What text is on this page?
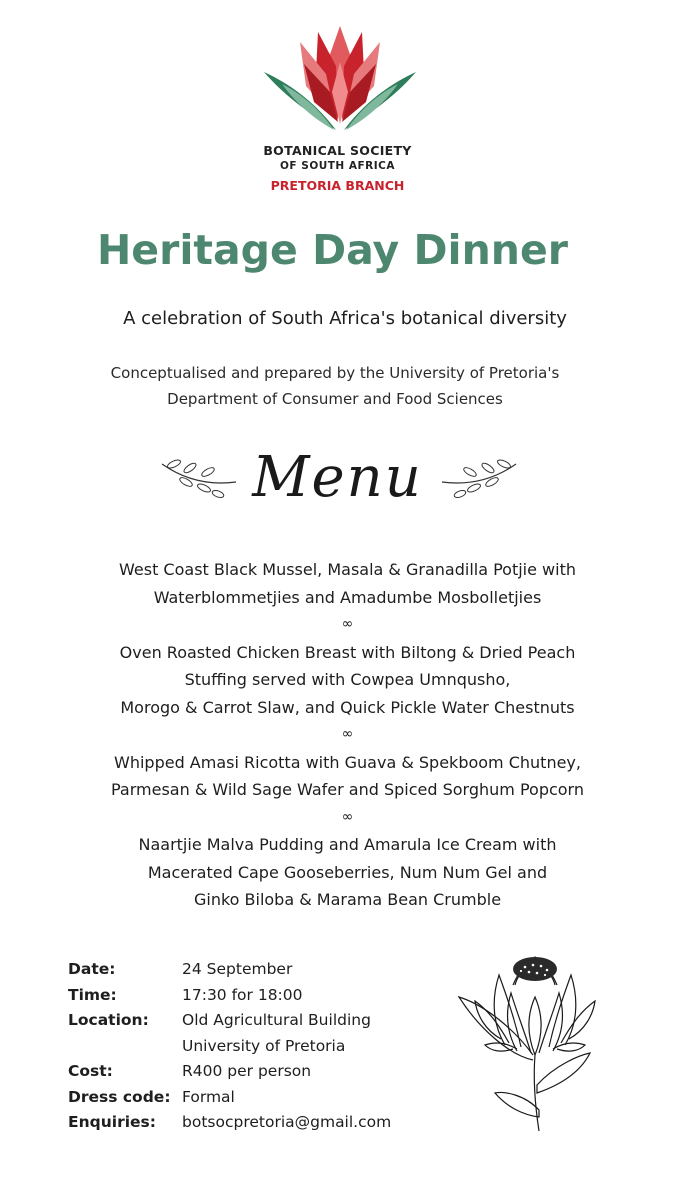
BOTANICAL SOCIETY
OF SOUTH AFRICA
PRETORIA BRANCH
Heritage Day Dinner
A celebration of South Africa's botanical diversity
Conceptualised and prepared by the University of Pretoria's
Department of Consumer and Food Sciences
Menu
West Coast Black Mussel, Masala & Granadilla Potjie with
Waterblommetjies and Amadumbe Mosbolletjies
∞
Oven Roasted Chicken Breast with Biltong & Dried Peach
Stuffing served with Cowpea Umnqusho,
Morogo & Carrot Slaw, and Quick Pickle Water Chestnuts
∞
Whipped Amasi Ricotta with Guava & Spekboom Chutney,
Parmesan & Wild Sage Wafer and Spiced Sorghum Popcorn
∞
Naartjie Malva Pudding and Amarula Ice Cream with
Macerated Cape Gooseberries, Num Num Gel and
Ginko Biloba & Marama Bean Crumble
Date:	24 September
Time:	17:30 for 18:00
Location:	Old Agricultural Building
University of Pretoria
Cost:	R400 per person
Dress code: Formal
Enquiries:	botsocpretoria@gmail.com
